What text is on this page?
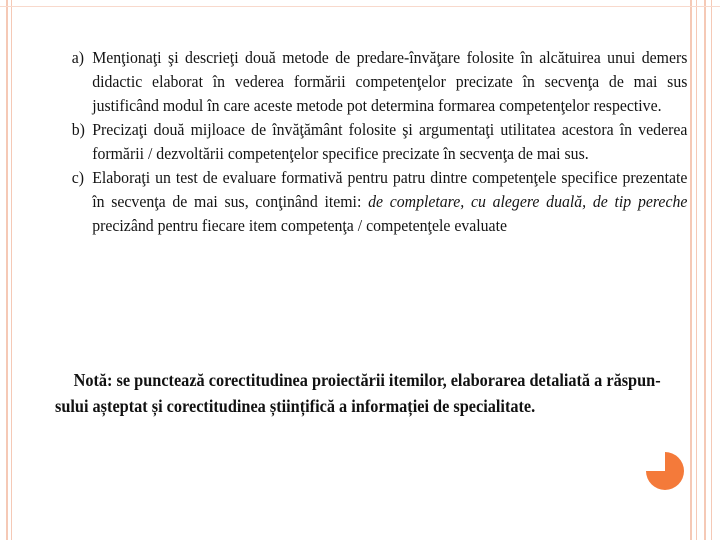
a) Menţionaţi şi descrieţi două metode de predare-învăţare folosite în alcătuirea unui demers didactic elaborat în vederea formării competenţelor precizate în secvenţa de mai sus justificând modul în care aceste metode pot determina formarea competenţelor respective.
b) Precizaţi două mijloace de învăţământ folosite şi argumentaţi utilitatea acestora în vederea formării / dezvoltării competenţelor specifice precizate în secvenţa de mai sus.
c) Elaboraţi un test de evaluare formativă pentru patru dintre competenţele specifice prezentate în secvenţa de mai sus, conţinând itemi: de completare, cu alegere duală, de tip pereche precizând pentru fiecare item competenţa / competenţele evaluate
Notă: se punctează corectitudinea proiectării itemilor, elaborarea detaliată a răspun-
sului așteptat și corectitudinea științifică a informației de specialitate.
